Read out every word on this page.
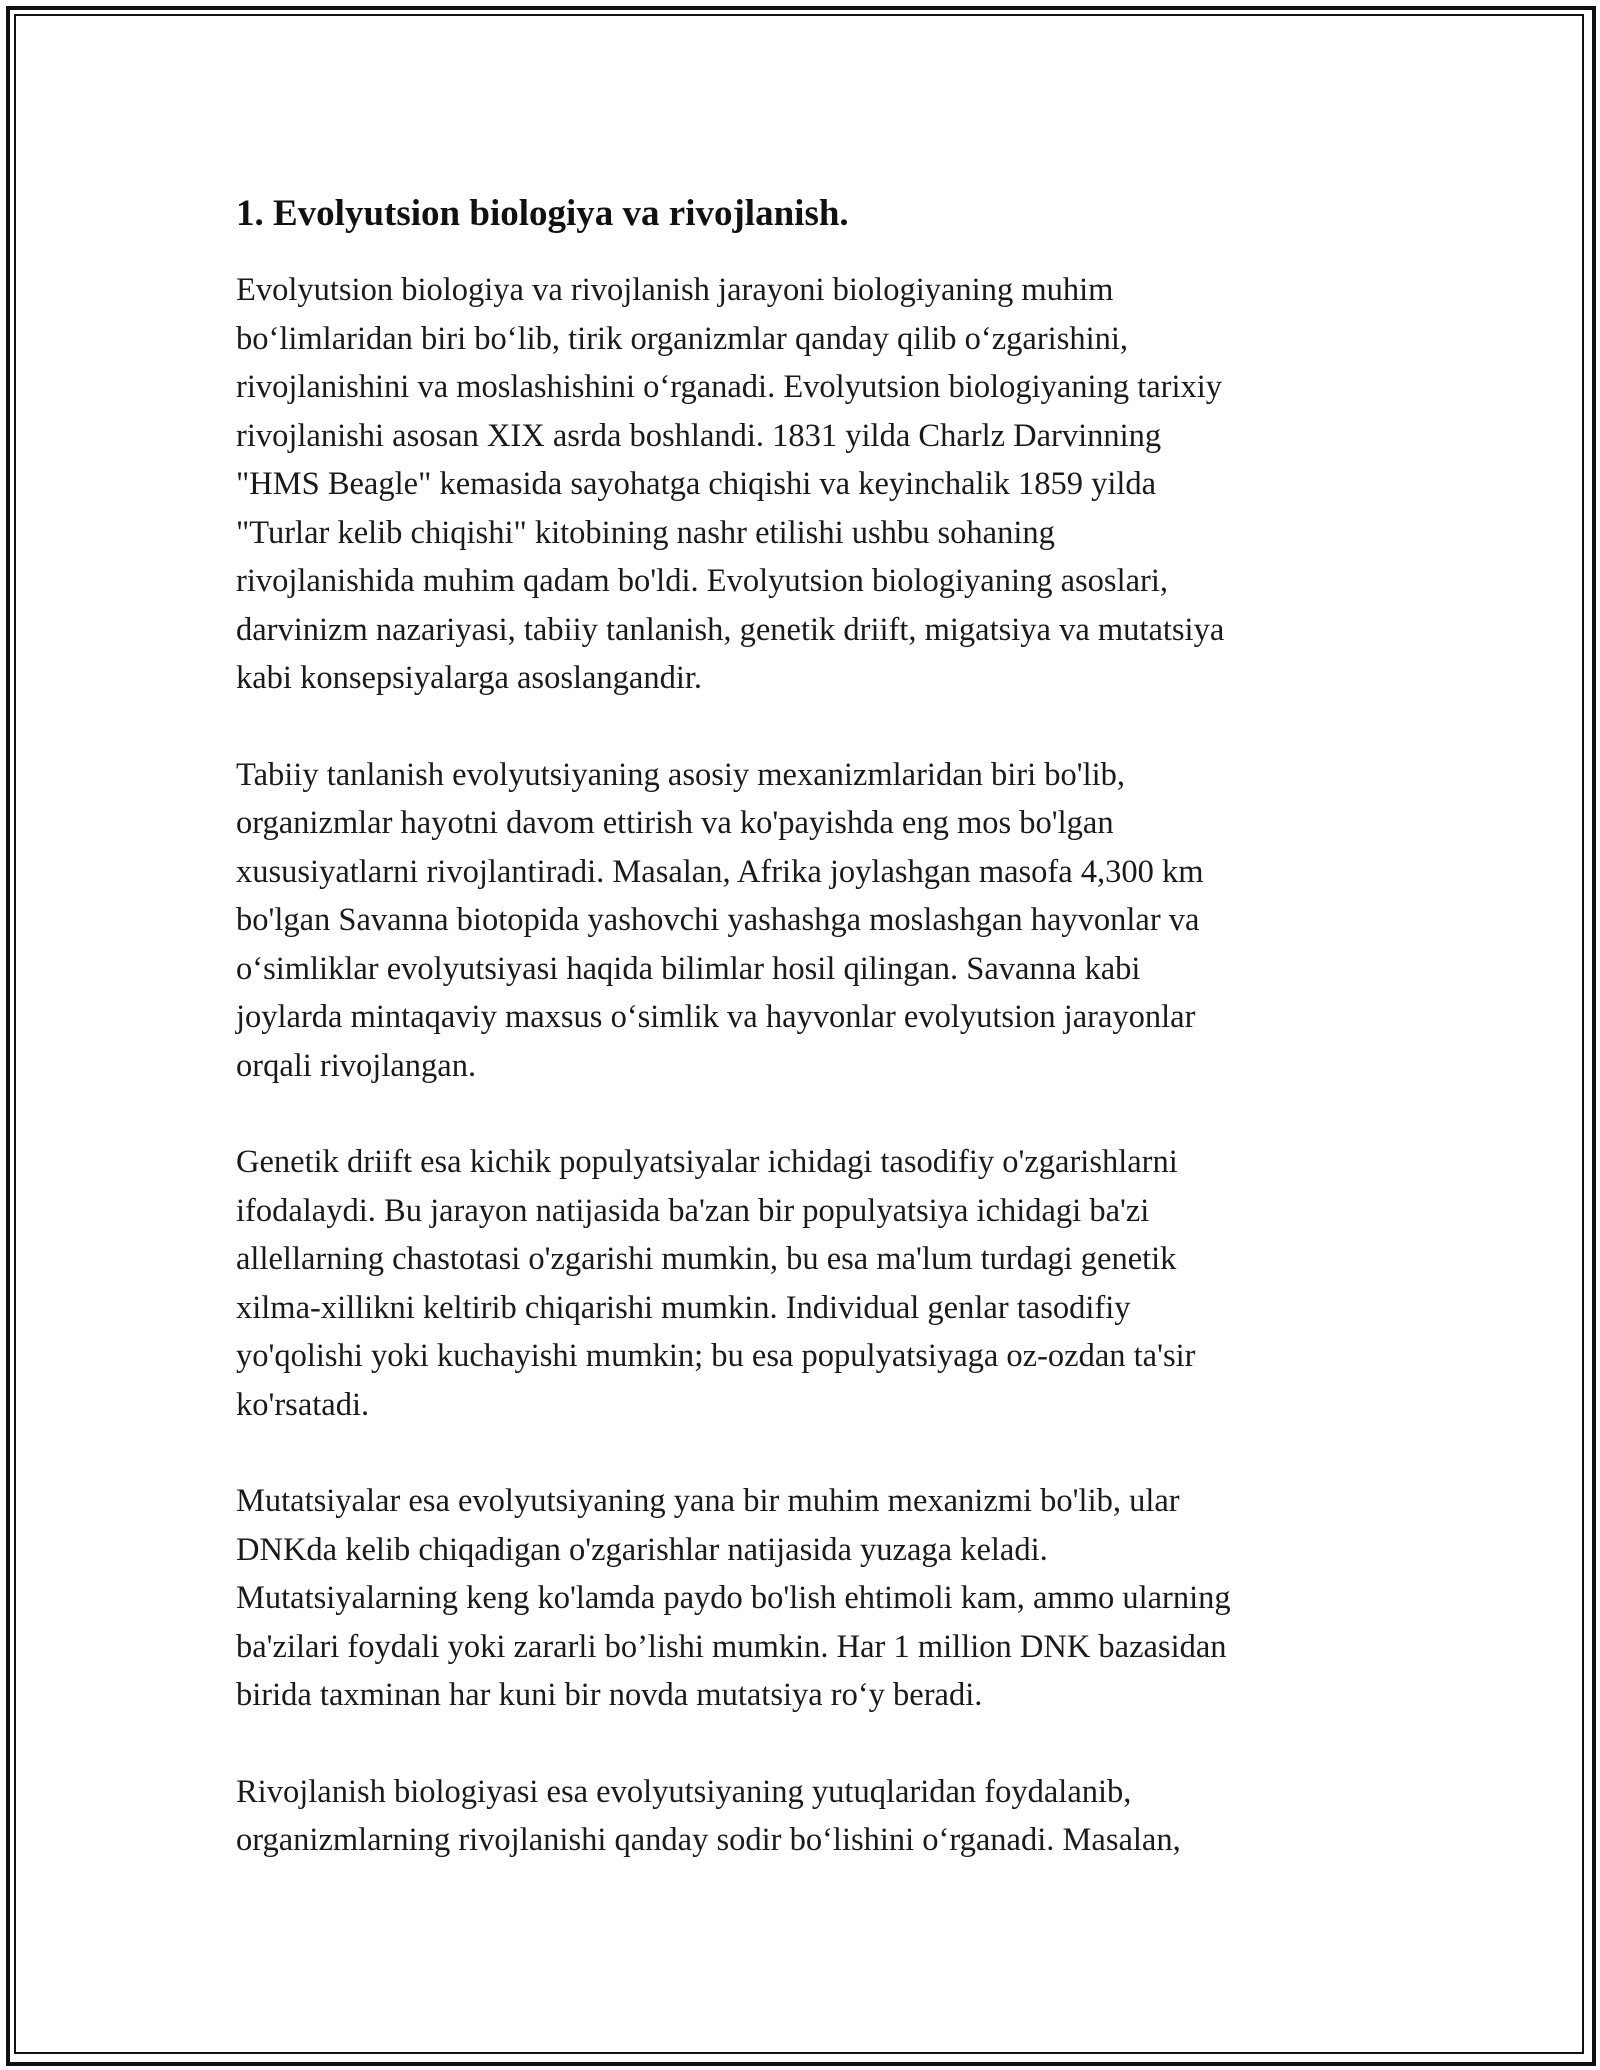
1. Evolyutsion biologiya va rivojlanish.

Evolyutsion biologiya va rivojlanish jarayoni biologiyaning muhim
bo‘limlaridan biri bo‘lib, tirik organizmlar qanday qilib o‘zgarishini,
rivojlanishini va moslashishini o‘rganadi. Evolyutsion biologiyaning tarixiy
rivojlanishi asosan XIX asrda boshlandi. 1831 yilda Charlz Darvinning
"HMS Beagle" kemasida sayohatga chiqishi va keyinchalik 1859 yilda
"Turlar kelib chiqishi" kitobining nashr etilishi ushbu sohaning
rivojlanishida muhim qadam bo'ldi. Evolyutsion biologiyaning asoslari,
darvinizm nazariyasi, tabiiy tanlanish, genetik driift, migatsiya va mutatsiya
kabi konsepsiyalarga asoslangandir.

Tabiiy tanlanish evolyutsiyaning asosiy mexanizmlaridan biri bo'lib,
organizmlar hayotni davom ettirish va ko'payishda eng mos bo'lgan
xususiyatlarni rivojlantiradi. Masalan, Afrika joylashgan masofa 4,300 km
bo'lgan Savanna biotopida yashovchi yashashga moslashgan hayvonlar va
o‘simliklar evolyutsiyasi haqida bilimlar hosil qilingan. Savanna kabi
joylarda mintaqaviy maxsus o‘simlik va hayvonlar evolyutsion jarayonlar
orqali rivojlangan.

Genetik driift esa kichik populyatsiyalar ichidagi tasodifiy o'zgarishlarni
ifodalaydi. Bu jarayon natijasida ba'zan bir populyatsiya ichidagi ba'zi
allellarning chastotasi o'zgarishi mumkin, bu esa ma'lum turdagi genetik
xilma-xillikni keltirib chiqarishi mumkin. Individual genlar tasodifiy
yo'qolishi yoki kuchayishi mumkin; bu esa populyatsiyaga oz-ozdan ta'sir
ko'rsatadi.

Mutatsiyalar esa evolyutsiyaning yana bir muhim mexanizmi bo'lib, ular
DNKda kelib chiqadigan o'zgarishlar natijasida yuzaga keladi.
Mutatsiyalarning keng ko'lamda paydo bo'lish ehtimoli kam, ammo ularning
ba'zilari foydali yoki zararli bo’lishi mumkin. Har 1 million DNK bazasidan
birida taxminan har kuni bir novda mutatsiya ro‘y beradi.

Rivojlanish biologiyasi esa evolyutsiyaning yutuqlaridan foydalanib,
organizmlarning rivojlanishi qanday sodir bo‘lishini o‘rganadi. Masalan,
